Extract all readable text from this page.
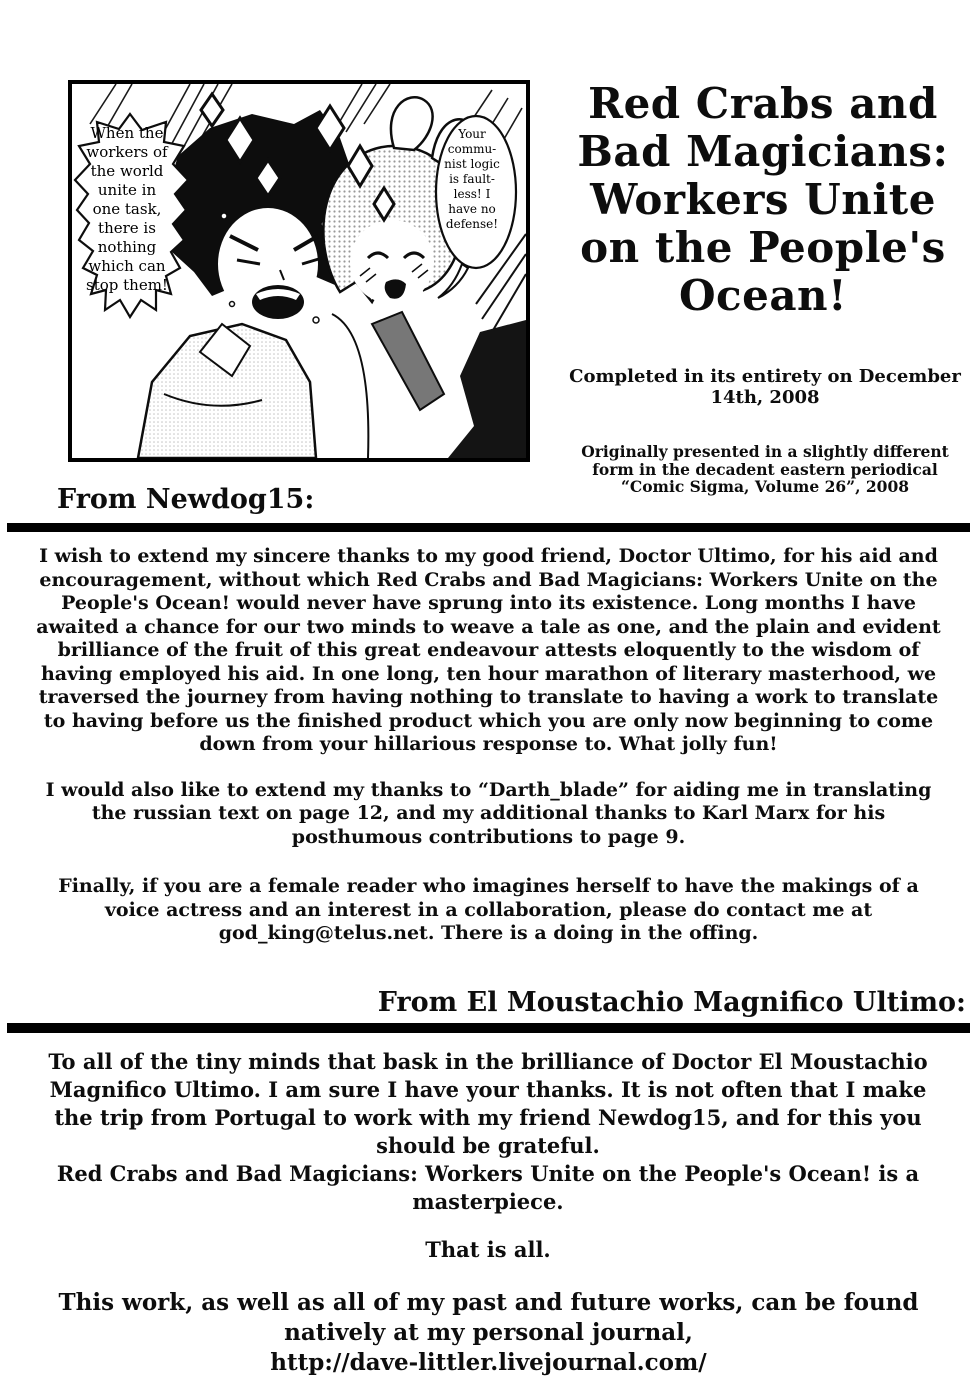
When the
workers of
the world
unite in
one task,
there is
nothing
which can
stop them!
Your
commu-
nist logic
is fault-
less! I
have no
defense!
Red Crabs and
Bad Magicians:
Workers Unite
on the People's
Ocean!
Completed in its entirety on December 14th, 2008
Originally presented in a slightly different form in the decadent eastern periodical “Comic Sigma, Volume 26”, 2008
From Newdog15:

I wish to extend my sincere thanks to my good friend, Doctor Ultimo, for his aid and encouragement, without which Red Crabs and Bad Magicians: Workers Unite on the People's Ocean! would never have sprung into its existence. Long months I have awaited a chance for our two minds to weave a tale as one, and the plain and evident brilliance of the fruit of this great endeavour attests eloquently to the wisdom of having employed his aid. In one long, ten hour marathon of literary masterhood, we traversed the journey from having nothing to translate to having a work to translate to having before us the finished product which you are only now beginning to come down from your hillarious response to. What jolly fun!

I would also like to extend my thanks to “Darth_blade” for aiding me in translating the russian text on page 12, and my additional thanks to Karl Marx for his posthumous contributions to page 9.

Finally, if you are a female reader who imagines herself to have the makings of a voice actress and an interest in a collaboration, please do contact me at god_king@telus.net. There is a doing in the offing.

From El Moustachio Magnifico Ultimo:

To all of the tiny minds that bask in the brilliance of Doctor El Moustachio Magnifico Ultimo. I am sure I have your thanks. It is not often that I make the trip from Portugal to work with my friend Newdog15, and for this you should be grateful.

Red Crabs and Bad Magicians: Workers Unite on the People's Ocean! is a masterpiece.

That is all.

This work, as well as all of my past and future works, can be found natively at my personal journal,
http://dave-littler.livejournal.com/
